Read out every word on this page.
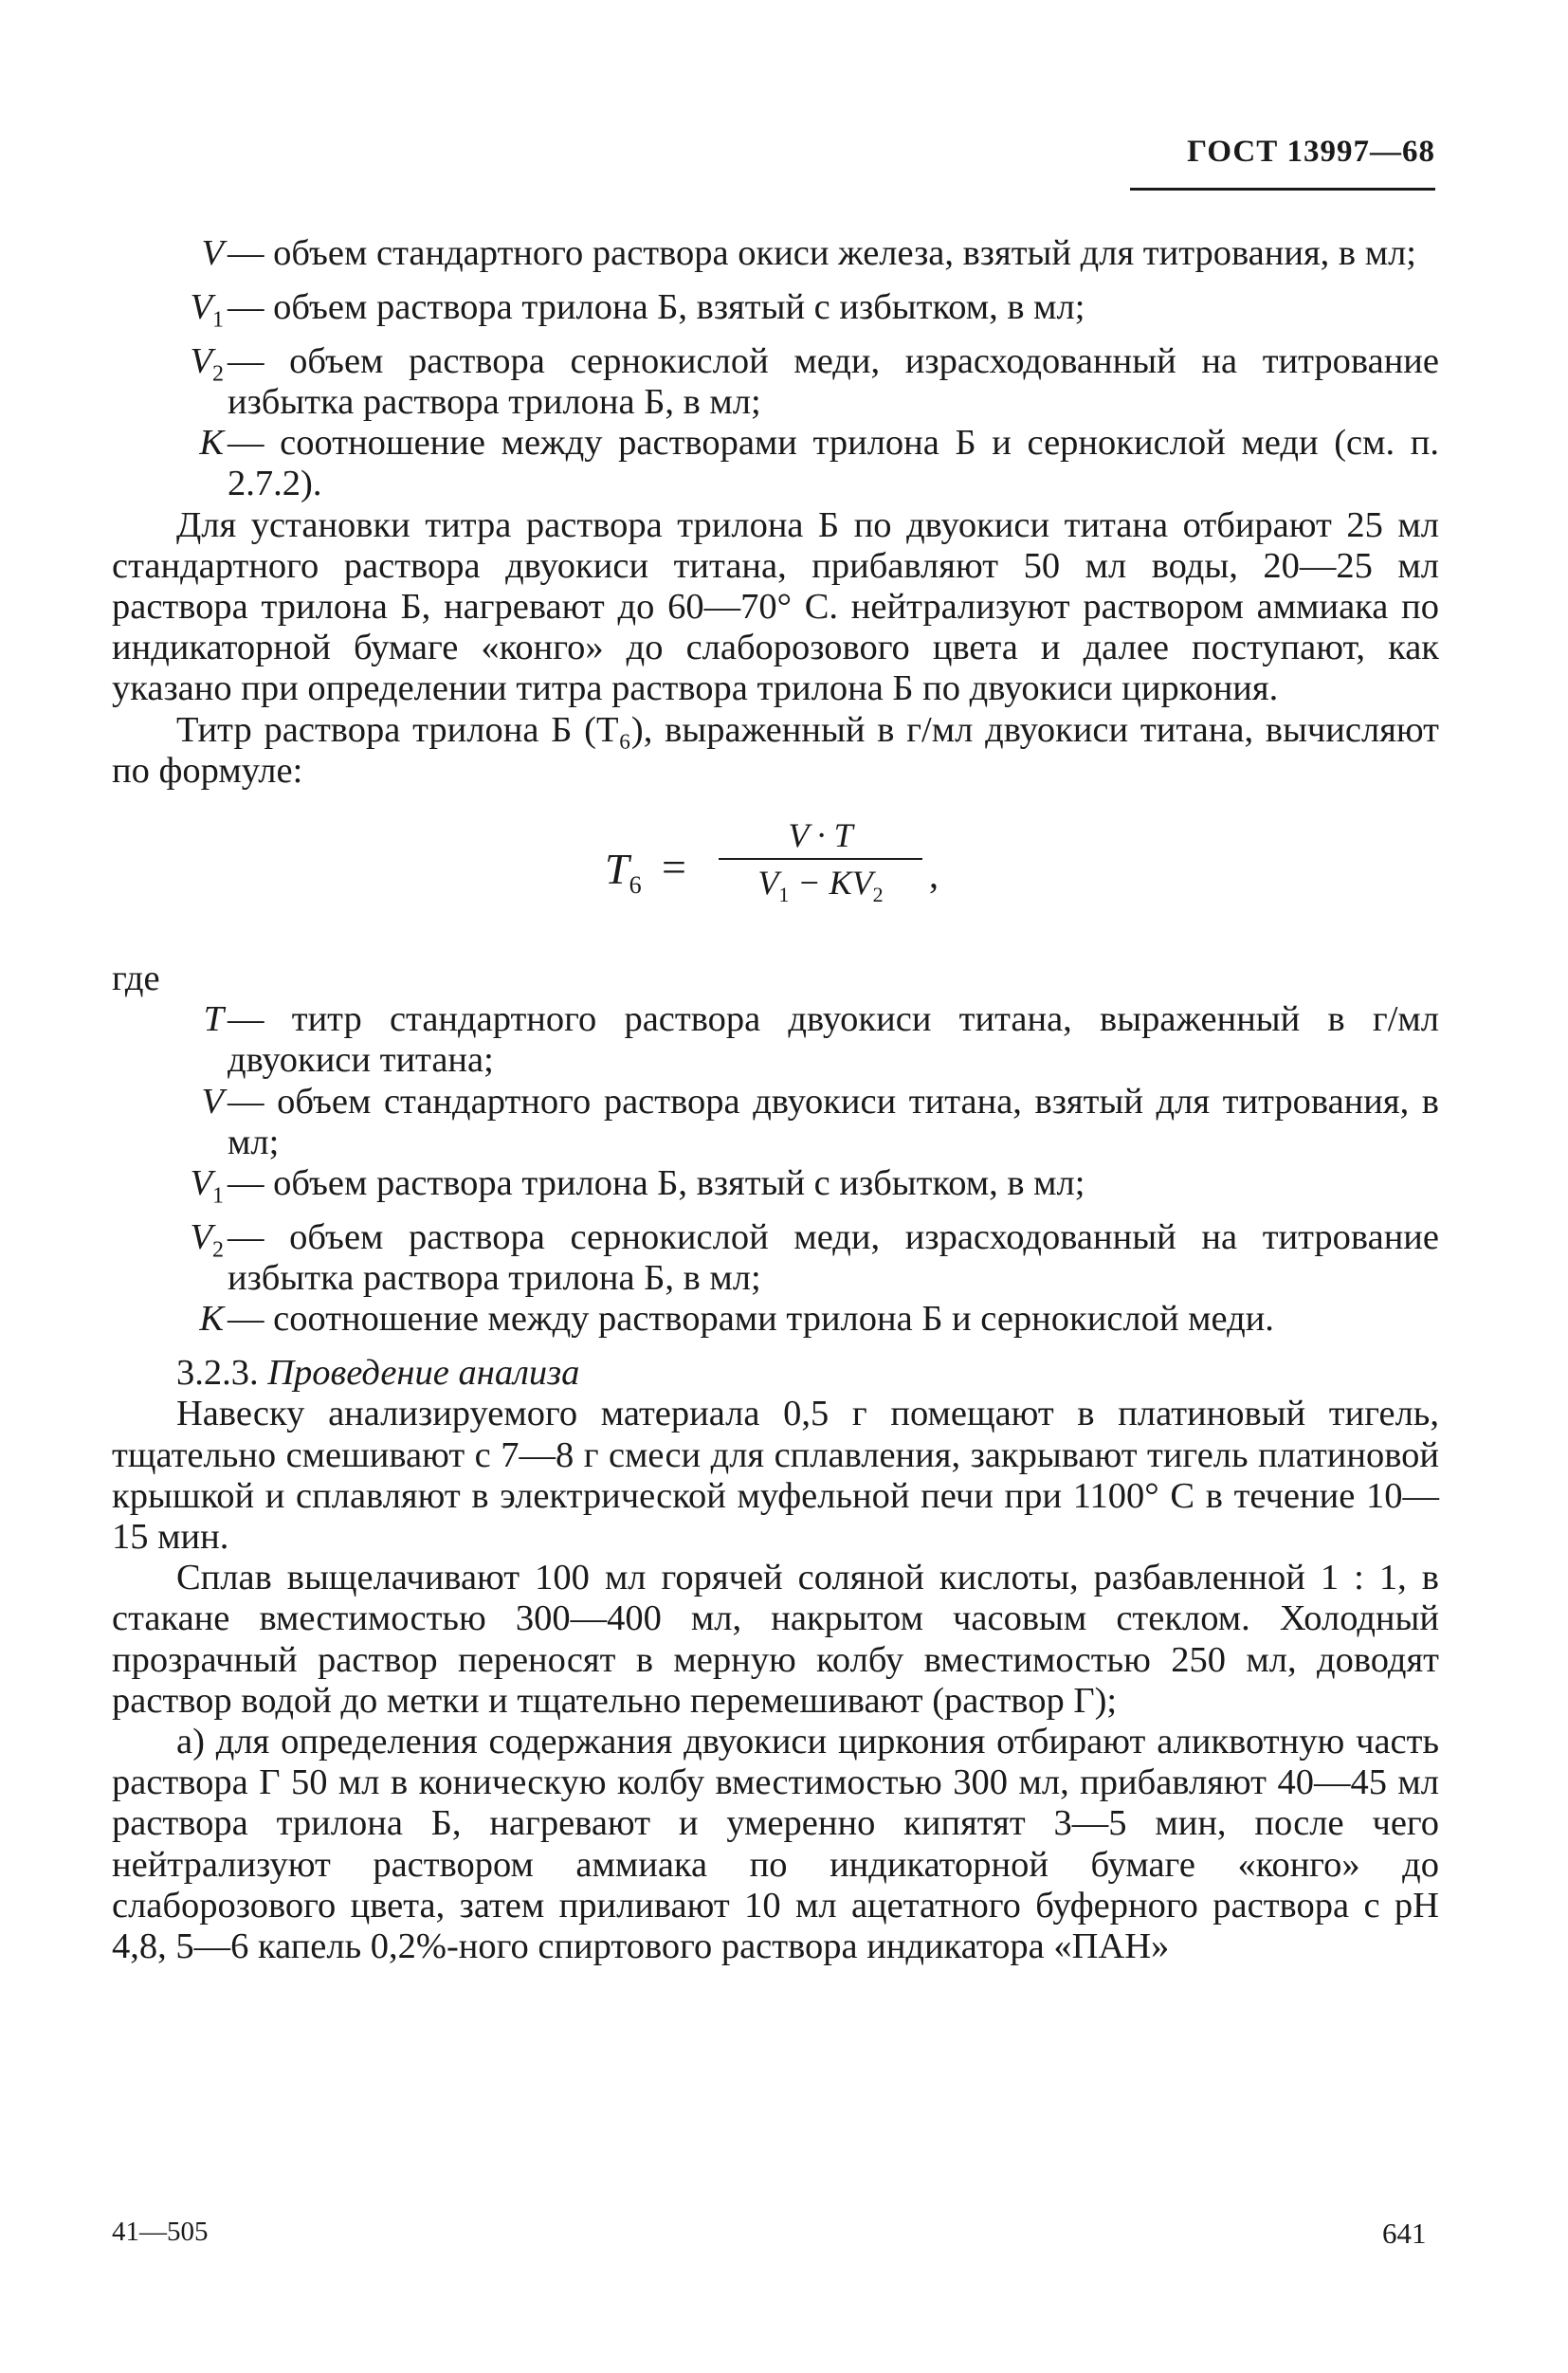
ГОСТ 13997—68
V — объем стандартного раствора окиси железа, взятый для титрования, в мл;
$V_1$ — объем раствора трилона Б, взятый с избытком, в мл;
$V_2$ — объем раствора сернокислой меди, израсходованный на титрование избытка раствора трилона Б, в мл;
K — соотношение между растворами трилона Б и сернокислой меди (см. п. 2.7.2).

Для установки титра раствора трилона Б по двуокиси титана отбирают 25 мл стандартного раствора двуокиси титана, прибавляют 50 мл воды, 20—25 мл раствора трилона Б, нагревают до 60—70° С. нейтрализуют раствором аммиака по индикаторной бумаге «конго» до слаборозового цвета и далее поступают, как указано при определении титра раствора трилона Б по двуокиси циркония.

Титр раствора трилона Б (T₆), выраженный в г/мл двуокиси титана, вычисляют по формуле:

$T_6$ =
V · T
$V_1 - KV_2$	,

где

T — титр стандартного раствора двуокиси титана, выраженный в г/мл двуокиси титана;
V — объем стандартного раствора двуокиси титана, взятый для титрования, в мл;
$V_1$ — объем раствора трилона Б, взятый с избытком, в мл;
$V_2$ — объем раствора сернокислой меди, израсходованный на титрование избытка раствора трилона Б, в мл;
K — соотношение между растворами трилона Б и сернокислой меди.

3.2.3. Проведение анализа

Навеску анализируемого материала 0,5 г помещают в платиновый тигель, тщательно смешивают с 7—8 г смеси для сплавления, закрывают тигель платиновой крышкой и сплавляют в электрической муфельной печи при 1100° С в течение 10—15 мин.

Сплав выщелачивают 100 мл горячей соляной кислоты, разбавленной 1 : 1, в стакане вместимостью 300—400 мл, накрытом часовым стеклом. Холодный прозрачный раствор переносят в мерную колбу вместимостью 250 мл, доводят раствор водой до метки и тщательно перемешивают (раствор Г);

а) для определения содержания двуокиси циркония отбирают аликвотную часть раствора Г 50 мл в коническую колбу вместимостью 300 мл, прибавляют 40—45 мл раствора трилона Б, нагревают и умеренно кипятят 3—5 мин, после чего нейтрализуют раствором аммиака по индикаторной бумаге «конго» до слаборозового цвета, затем приливают 10 мл ацетатного буферного раствора с рН 4,8, 5—6 капель 0,2%-ного спиртового раствора индикатора «ПАН»

41—505	641
